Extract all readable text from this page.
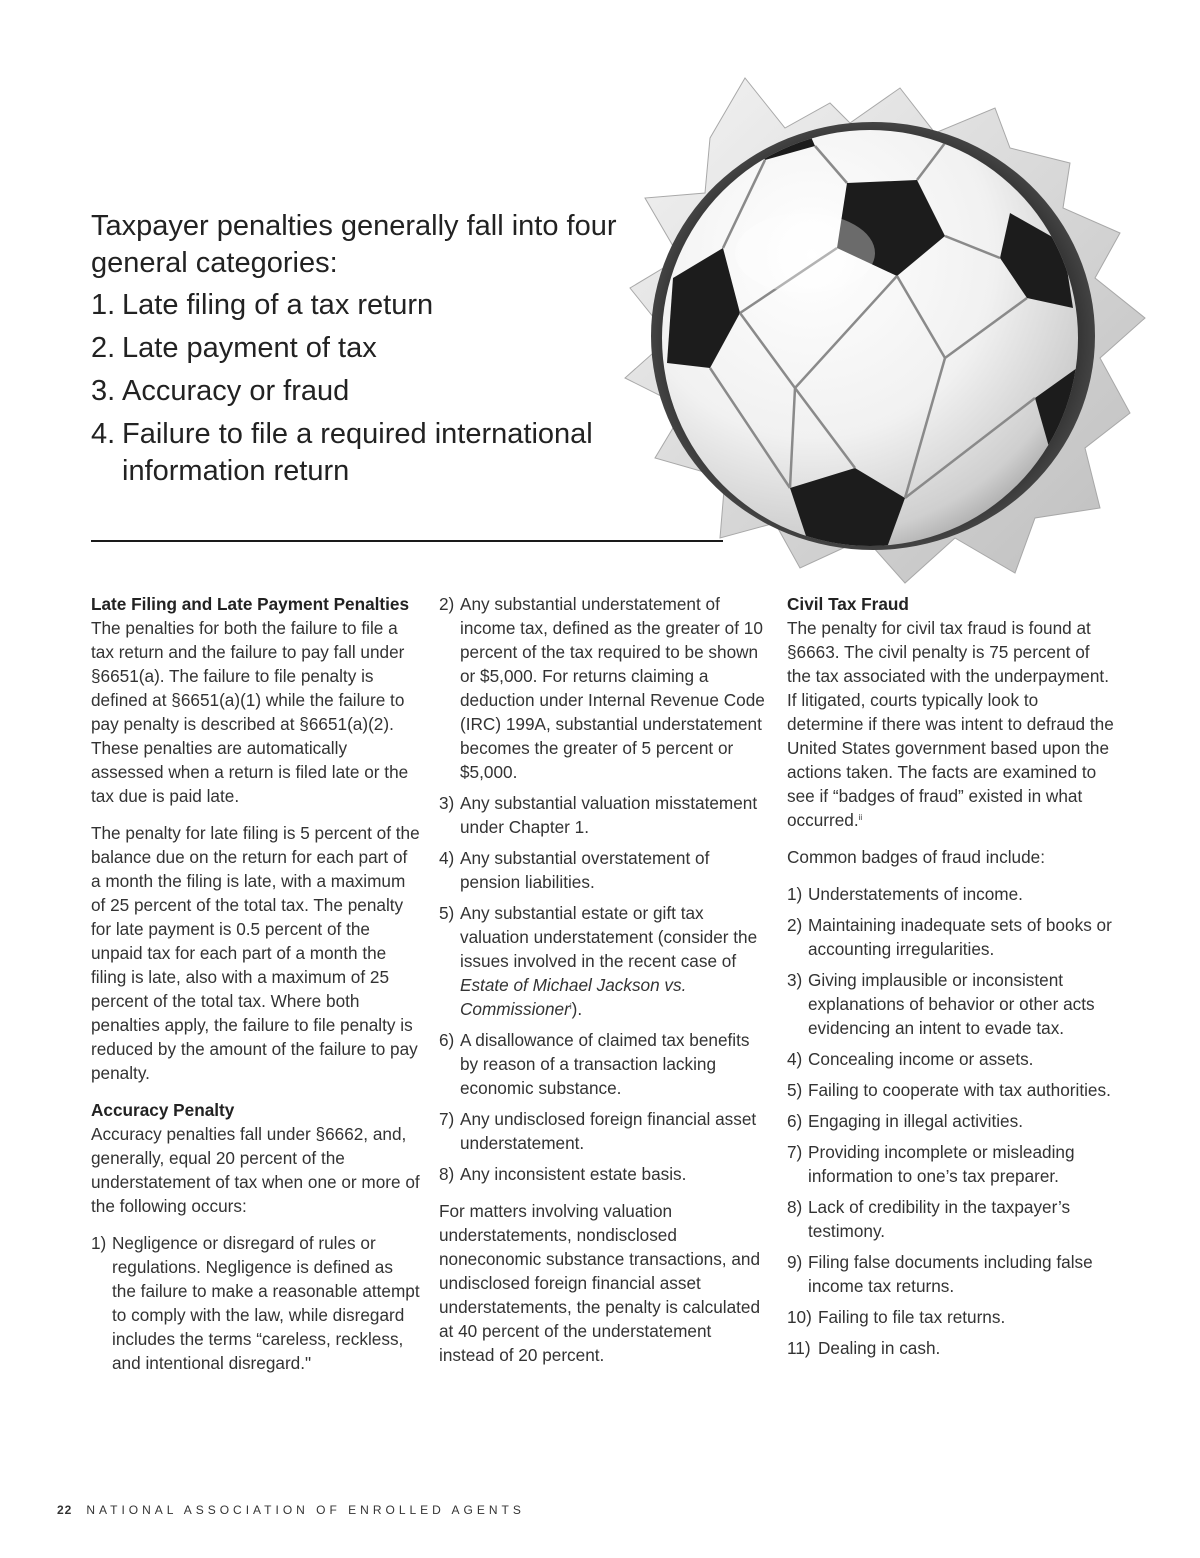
Taxpayer penalties generally fall into four general categories:
1. Late filing of a tax return
2. Late payment of tax
3. Accuracy or fraud
4. Failure to file a required international information return
Late Filing and Late Payment Penalties

The penalties for both the failure to file a tax return and the failure to pay fall under §6651(a). The failure to file penalty is defined at §6651(a)(1) while the failure to pay penalty is described at §6651(a)(2). These penalties are automatically assessed when a return is filed late or the tax due is paid late.

The penalty for late filing is 5 percent of the balance due on the return for each part of a month the filing is late, with a maximum of 25 percent of the total tax. The penalty for late payment is 0.5 percent of the unpaid tax for each part of a month the filing is late, also with a maximum of 25 percent of the total tax. Where both penalties apply, the failure to file penalty is reduced by the amount of the failure to pay penalty.

Accuracy Penalty

Accuracy penalties fall under §6662, and, generally, equal 20 percent of the understatement of tax when one or more of the following occurs:

1) Negligence or disregard of rules or regulations. Negligence is defined as the failure to make a reasonable attempt to comply with the law, while disregard includes the terms “careless, reckless, and intentional disregard."
2) Any substantial understatement of income tax, defined as the greater of 10 percent of the tax required to be shown or $5,000. For returns claiming a deduction under Internal Revenue Code (IRC) 199A, substantial understatement becomes the greater of 5 percent or $5,000.
3) Any substantial valuation misstatement under Chapter 1.
4) Any substantial overstatement of pension liabilities.
5) Any substantial estate or gift tax valuation understatement (consider the issues involved in the recent case of Estate of Michael Jackson vs. Commissioner$^i$).
6) A disallowance of claimed tax benefits by reason of a transaction lacking economic substance.
7) Any undisclosed foreign financial asset understatement.
8) Any inconsistent estate basis.

For matters involving valuation understatements, nondisclosed noneconomic substance transactions, and undisclosed foreign financial asset understatements, the penalty is calculated at 40 percent of the understatement instead of 20 percent.

Civil Tax Fraud

The penalty for civil tax fraud is found at §6663. The civil penalty is 75 percent of the tax associated with the underpayment. If litigated, courts typically look to determine if there was intent to defraud the United States government based upon the actions taken. The facts are examined to see if “badges of fraud” existed in what occurred.$^{ii}$

Common badges of fraud include:

1) Understatements of income.
2) Maintaining inadequate sets of books or accounting irregularities.
3) Giving implausible or inconsistent explanations of behavior or other acts evidencing an intent to evade tax.
4) Concealing income or assets.
5) Failing to cooperate with tax authorities.
6) Engaging in illegal activities.
7) Providing incomplete or misleading information to one’s tax preparer.
8) Lack of credibility in the taxpayer’s testimony.
9) Filing false documents including false income tax returns.
10) Failing to file tax returns.
11) Dealing in cash.
22 NATIONAL ASSOCIATION OF ENROLLED AGENTS
